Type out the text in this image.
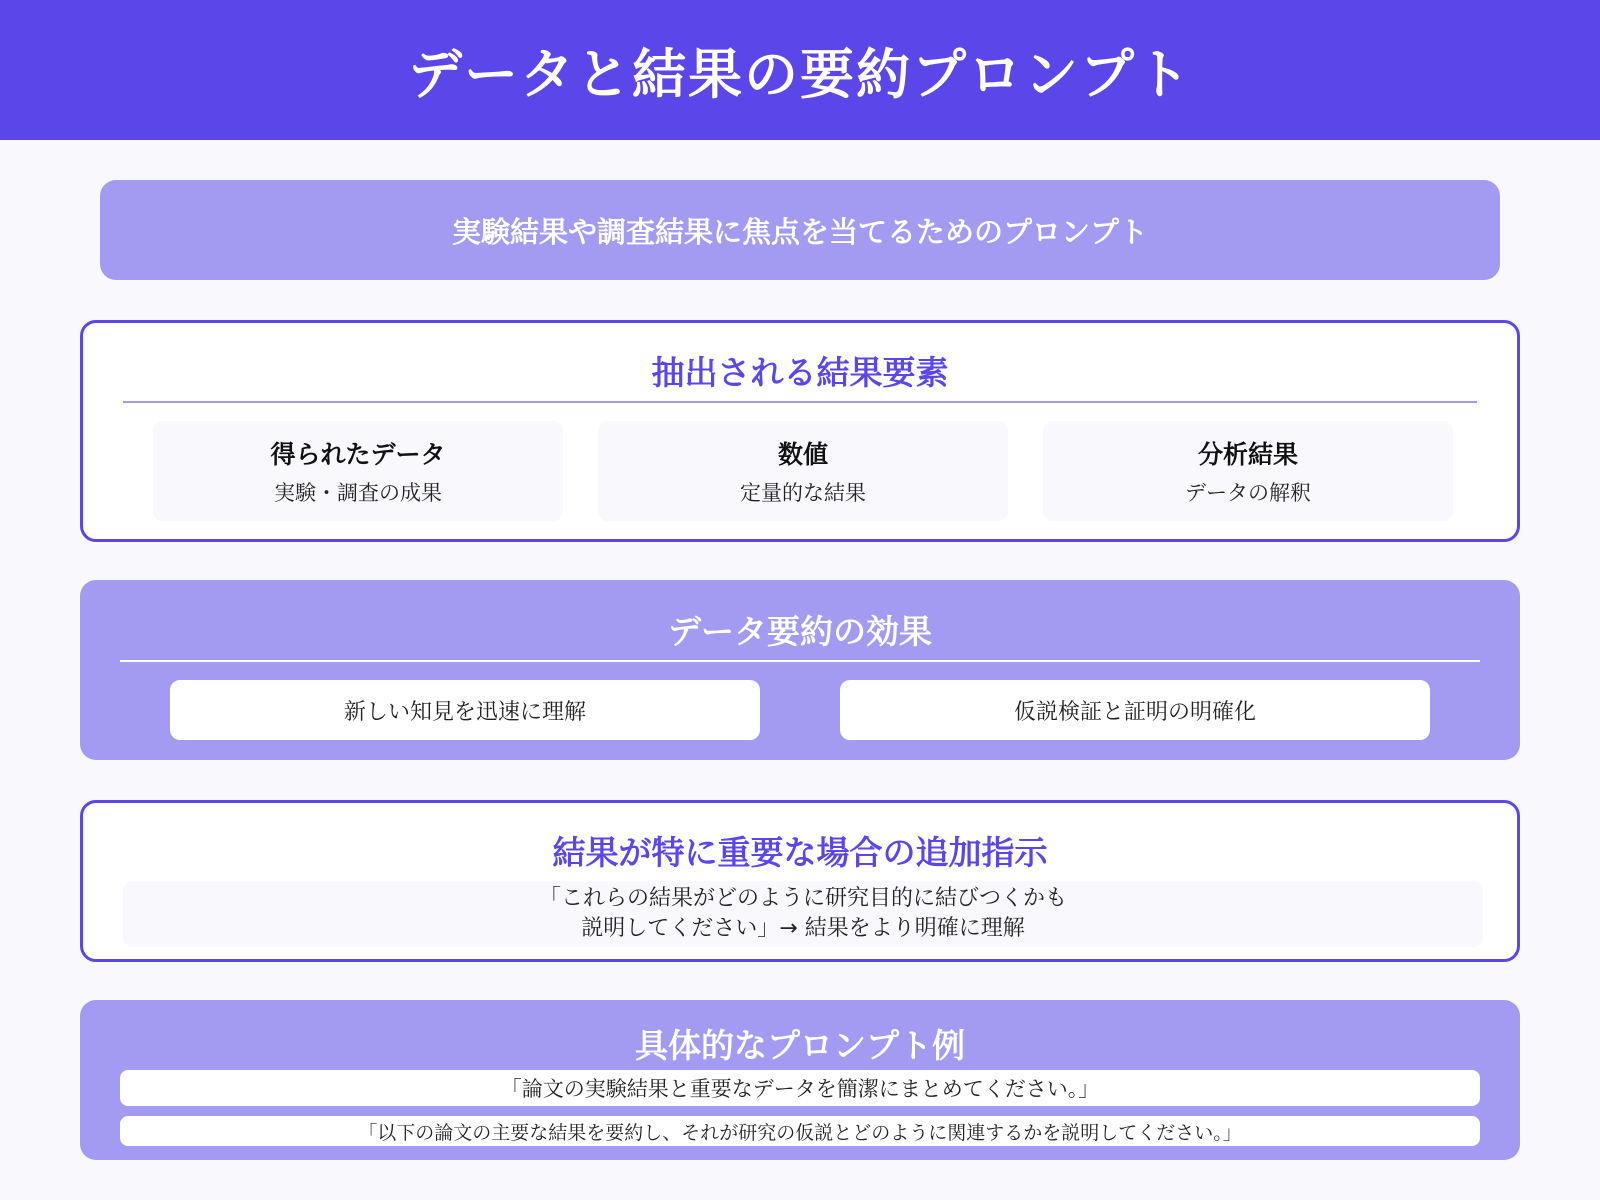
データと結果の要約プロンプト
実験結果や調査結果に焦点を当てるためのプロンプト
抽出される結果要素
得られたデータ
実験・調査の成果
数値
定量的な結果
分析結果
データの解釈
データ要約の効果
新しい知見を迅速に理解	仮説検証と証明の明確化
結果が特に重要な場合の追加指示
「これらの結果がどのように研究目的に結びつくかも
説明してください」→ 結果をより明確に理解
具体的なプロンプト例
「論文の実験結果と重要なデータを簡潔にまとめてください。」
「以下の論文の主要な結果を要約し、それが研究の仮説とどのように関連するかを説明してください。」
